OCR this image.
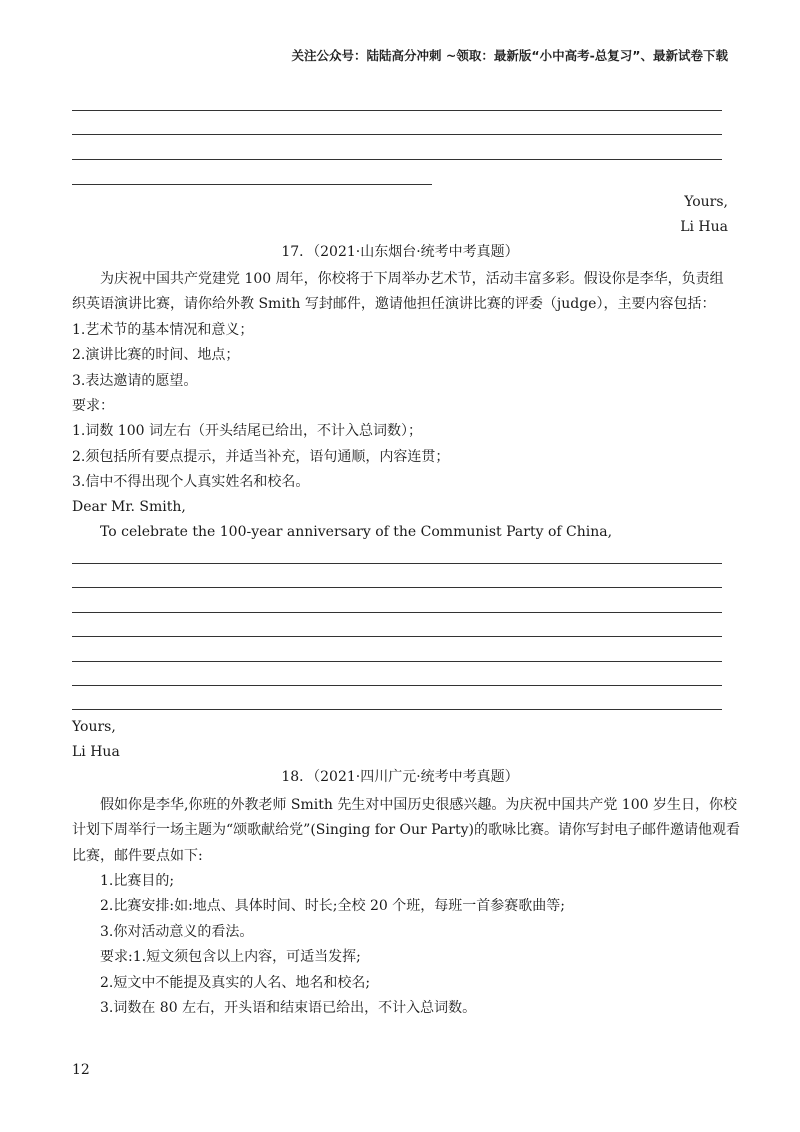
关注公众号：陆陆高分冲刺 ~领取：最新版“小中高考-总复习”、最新试卷下载
Yours,
Li Hua
17．（2021·山东烟台·统考中考真题）
为庆祝中国共产党建党 100 周年，你校将于下周举办艺术节，活动丰富多彩。假设你是李华，负责组
织英语演讲比赛，请你给外教 Smith 写封邮件，邀请他担任演讲比赛的评委（judge），主要内容包括：
1.艺术节的基本情况和意义；
2.演讲比赛的时间、地点；
3.表达邀请的愿望。
要求：
1.词数 100 词左右（开头结尾已给出，不计入总词数）；
2.须包括所有要点提示，并适当补充，语句通顺，内容连贯；
3.信中不得出现个人真实姓名和校名。
Dear Mr. Smith,
To celebrate the 100-year anniversary of the Communist Party of China,
Yours,
Li Hua
18．（2021·四川广元·统考中考真题）
假如你是李华,你班的外教老师 Smith 先生对中国历史很感兴趣。为庆祝中国共产党 100 岁生日，你校
计划下周举行一场主题为“颂歌献给党”(Singing for Our Party)的歌咏比赛。请你写封电子邮件邀请他观看
比赛，邮件要点如下:
1.比赛目的;
2.比赛安排:如:地点、具体时间、时长;全校 20 个班，每班一首参赛歌曲等;
3.你对活动意义的看法。
要求:1.短文须包含以上内容，可适当发挥;
2.短文中不能提及真实的人名、地名和校名;
3.词数在 80 左右，开头语和结束语已给出，不计入总词数。
12
